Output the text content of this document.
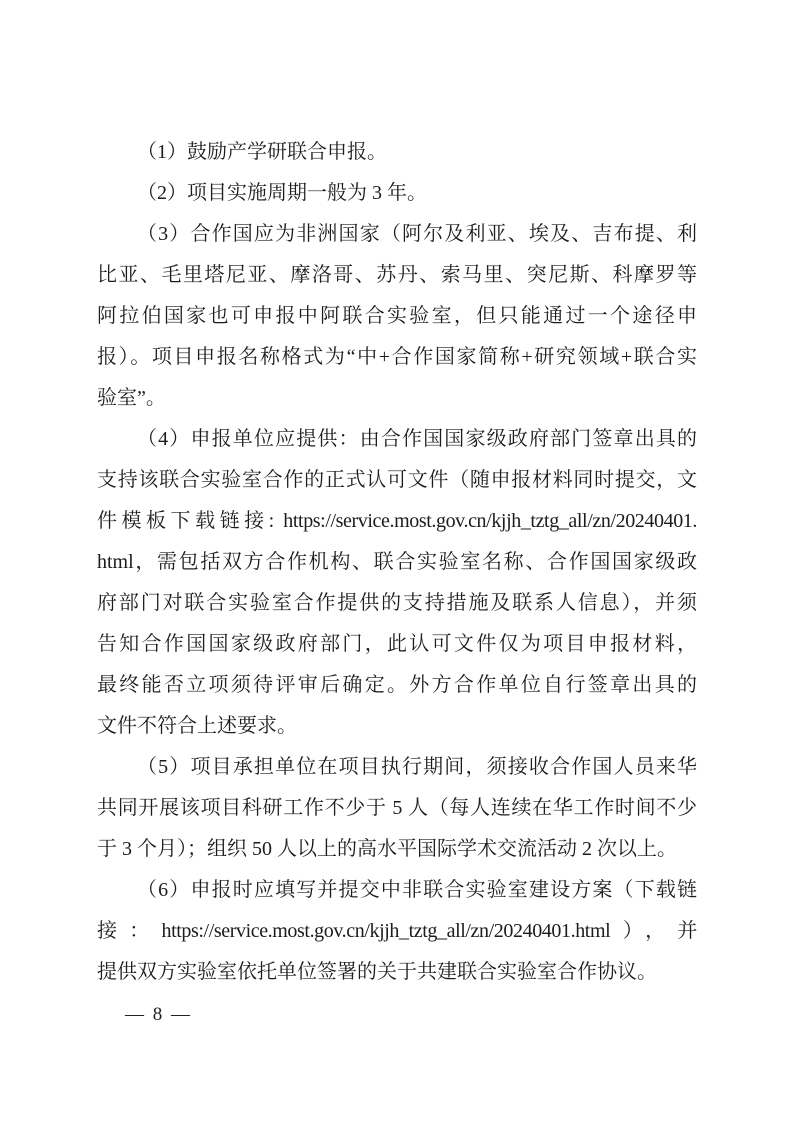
（1）鼓励产学研联合申报。

（2）项目实施周期一般为 3 年。

（3）合作国应为非洲国家（阿尔及利亚、埃及、吉布提、利
比亚、毛里塔尼亚、摩洛哥、苏丹、索马里、突尼斯、科摩罗等
阿拉伯国家也可申报中阿联合实验室，但只能通过一个途径申
报）。项目申报名称格式为“中+合作国家简称+研究领域+联合实
验室”。

（4）申报单位应提供：由合作国国家级政府部门签章出具的
支持该联合实验室合作的正式认可文件（随申报材料同时提交，文
件模板下载链接: https://service.most.gov.cn/kjjh_tztg_all/zn/20240401.
html，需包括双方合作机构、联合实验室名称、合作国国家级政
府部门对联合实验室合作提供的支持措施及联系人信息），并须
告知合作国国家级政府部门，此认可文件仅为项目申报材料，
最终能否立项须待评审后确定。外方合作单位自行签章出具的
文件不符合上述要求。

（5）项目承担单位在项目执行期间，须接收合作国人员来华
共同开展该项目科研工作不少于 5 人（每人连续在华工作时间不少
于 3 个月）；组织 50 人以上的高水平国际学术交流活动 2 次以上。

（6）申报时应填写并提交中非联合实验室建设方案（下载链
接：https://service.most.gov.cn/kjjh_tztg_all/zn/20240401.html），并
提供双方实验室依托单位签署的关于共建联合实验室合作协议。

— 8 —
